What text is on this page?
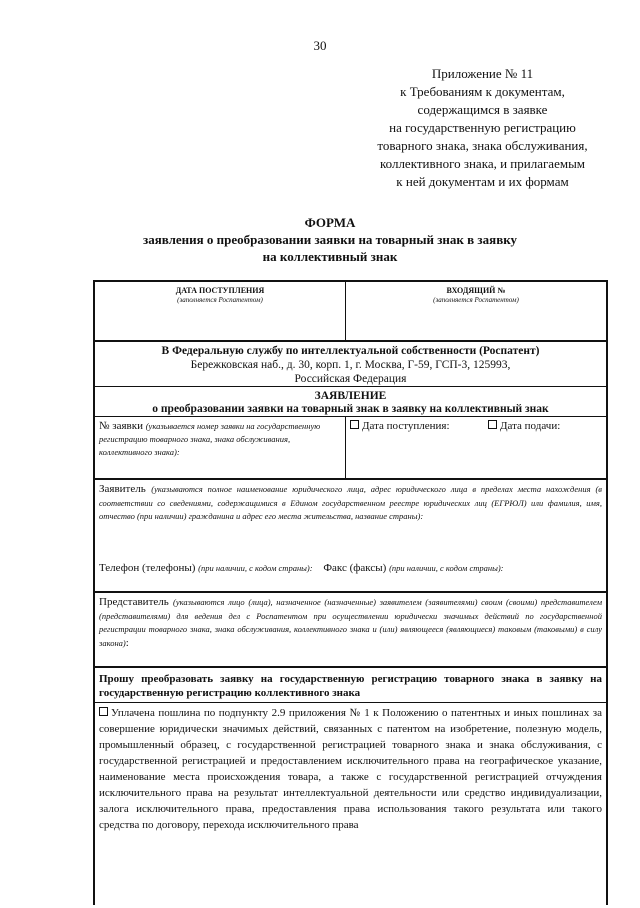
30
Приложение № 11
к Требованиям к документам,
содержащимся в заявке
на государственную регистрацию
товарного знака, знака обслуживания,
коллективного знака, и прилагаемым
к ней документам и их формам
ФОРМА
заявления о преобразовании заявки на товарный знак в заявку
на коллективный знак
ДАТА ПОСТУПЛЕНИЯ
(заполняется Роспатентом)
ВХОДЯЩИЙ №
(заполняется Роспатентом)
В Федеральную службу по интеллектуальной собственности (Роспатент)
Бережковская наб., д. 30, корп. 1, г. Москва, Г-59, ГСП-3, 125993,
Российская Федерация
ЗАЯВЛЕНИЕ
о преобразовании заявки на товарный знак в заявку на коллективный знак
№ заявки (указывается номер заявки на государственную регистрацию товарного знака, знака обслуживания, коллективного знака):
Дата поступления:	Дата подачи:
Заявитель (указываются полное наименование юридического лица, адрес юридического лица в пределах места нахождения (в соответствии со сведениями, содержащимися в Едином государственном реестре юридических лиц (ЕГРЮЛ) или фамилия, имя, отчество (при наличии) гражданина и адрес его места жительства, название страны):
Телефон (телефоны) (при наличии, с кодом страны): Факс (факсы) (при наличии, с кодом страны):
Представитель (указываются лицо (лица), назначенное (назначенные) заявителем (заявителями) своим (своими) представителем (представителями) для ведения дел с Роспатентом при осуществлении юридически значимых действий по государственной регистрации товарного знака, знака обслуживания, коллективного знака и (или) являющееся (являющиеся) таковым (таковыми) в силу закона):
Прошу преобразовать заявку на государственную регистрацию товарного знака в заявку на государственную регистрацию коллективного знака
Уплачена пошлина по подпункту 2.9 приложения № 1 к Положению о патентных и иных пошлинах за совершение юридически значимых действий, связанных с патентом на изобретение, полезную модель, промышленный образец, с государственной регистрацией товарного знака и знака обслуживания, с государственной регистрацией и предоставлением исключительного права на географическое указание, наименование места происхождения товара, а также с государственной регистрацией отчуждения исключительного права на результат интеллектуальной деятельности или средство индивидуализации, залога исключительного права, предоставления права использования такого результата или такого средства по договору, перехода исключительного права
